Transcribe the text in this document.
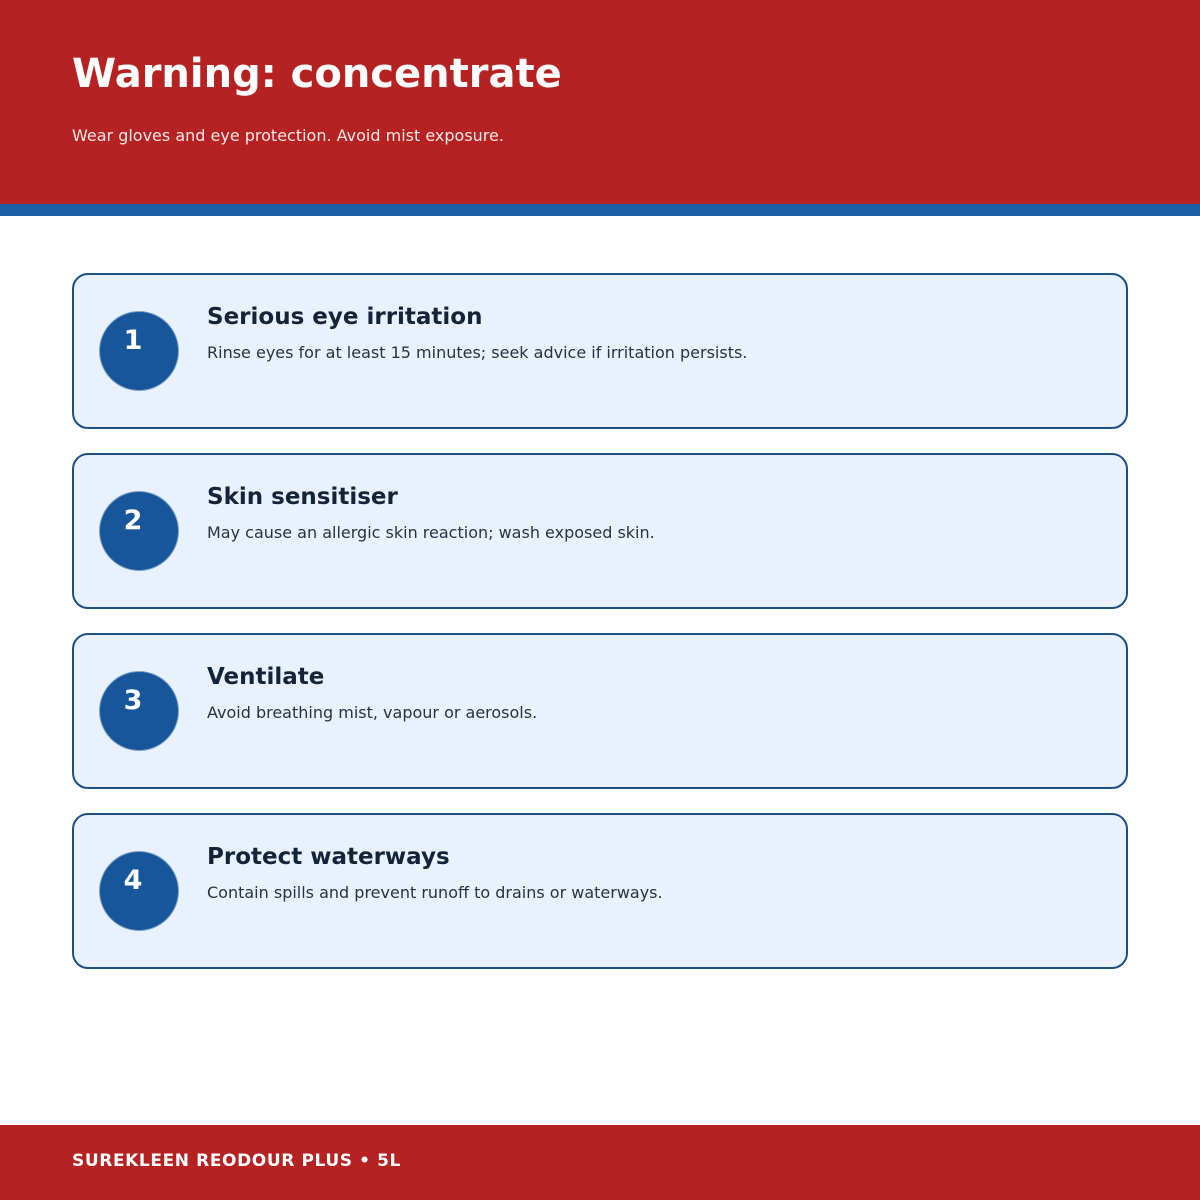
Warning: concentrate
Wear gloves and eye protection. Avoid mist exposure.
1
Serious eye irritation
Rinse eyes for at least 15 minutes; seek advice if irritation persists.
2
Skin sensitiser
May cause an allergic skin reaction; wash exposed skin.
3
Ventilate
Avoid breathing mist, vapour or aerosols.
4
Protect waterways
Contain spills and prevent runoff to drains or waterways.
SUREKLEEN REODOUR PLUS • 5L
